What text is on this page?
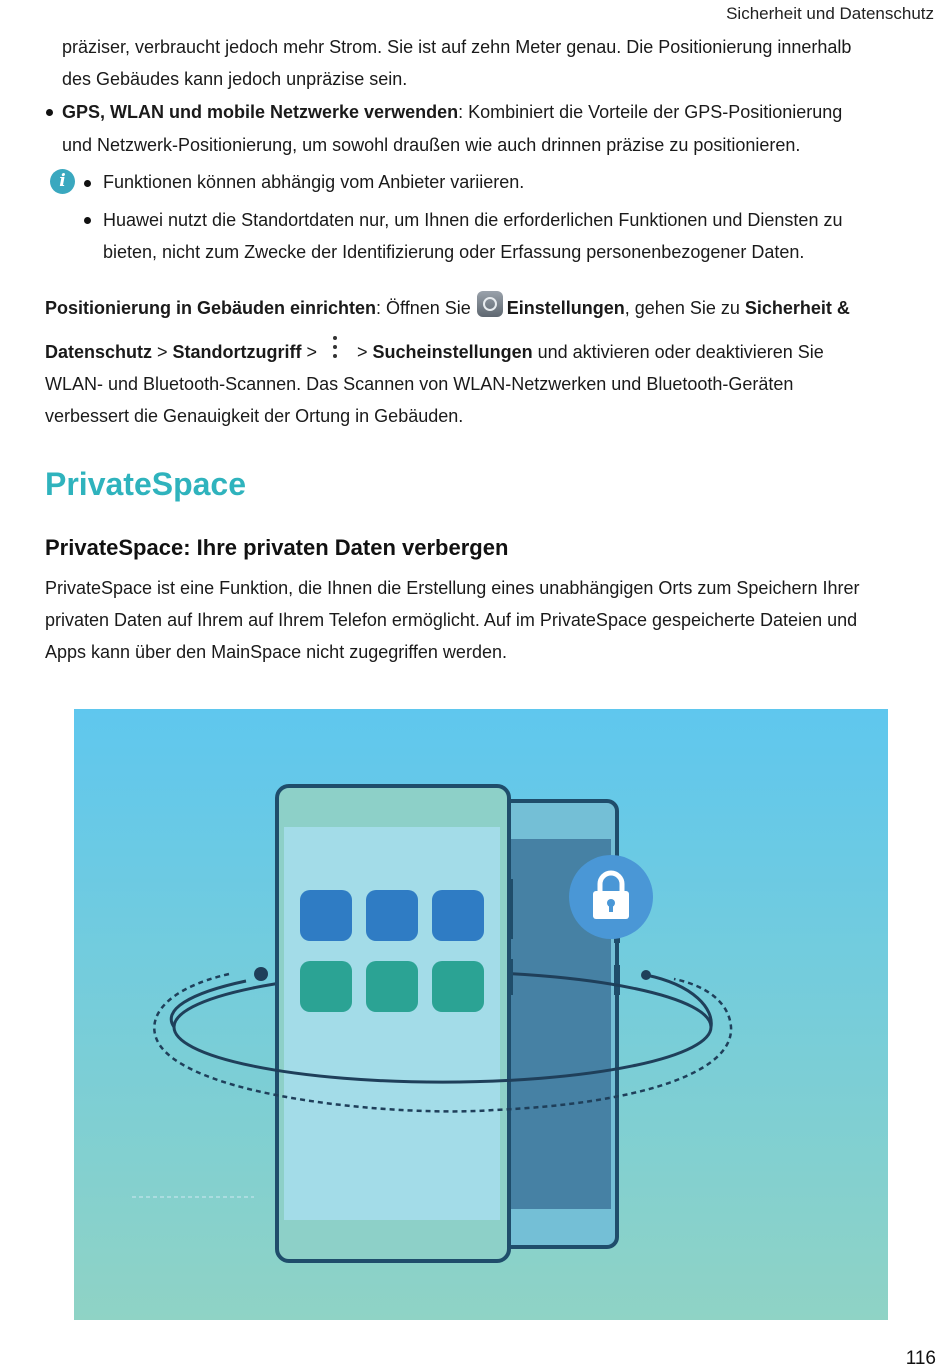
Sicherheit und Datenschutz
präziser, verbraucht jedoch mehr Strom. Sie ist auf zehn Meter genau. Die Positionierung innerhalb
des Gebäudes kann jedoch unpräzise sein.
GPS, WLAN und mobile Netzwerke verwenden: Kombiniert die Vorteile der GPS-Positionierung
und Netzwerk-Positionierung, um sowohl draußen wie auch drinnen präzise zu positionieren.
i	Funktionen können abhängig vom Anbieter variieren.
Huawei nutzt die Standortdaten nur, um Ihnen die erforderlichen Funktionen und Diensten zu
bieten, nicht zum Zwecke der Identifizierung oder Erfassung personenbezogener Daten.
Positionierung in Gebäuden einrichten: Öffnen Sie Einstellungen, gehen Sie zu Sicherheit &
Datenschutz > Standortzugriff > > Sucheinstellungen und aktivieren oder deaktivieren Sie
WLAN- und Bluetooth-Scannen. Das Scannen von WLAN-Netzwerken und Bluetooth-Geräten
verbessert die Genauigkeit der Ortung in Gebäuden.
PrivateSpace
PrivateSpace: Ihre privaten Daten verbergen
PrivateSpace ist eine Funktion, die Ihnen die Erstellung eines unabhängigen Orts zum Speichern Ihrer
privaten Daten auf Ihrem auf Ihrem Telefon ermöglicht. Auf im PrivateSpace gespeicherte Dateien und
Apps kann über den MainSpace nicht zugegriffen werden.
116
